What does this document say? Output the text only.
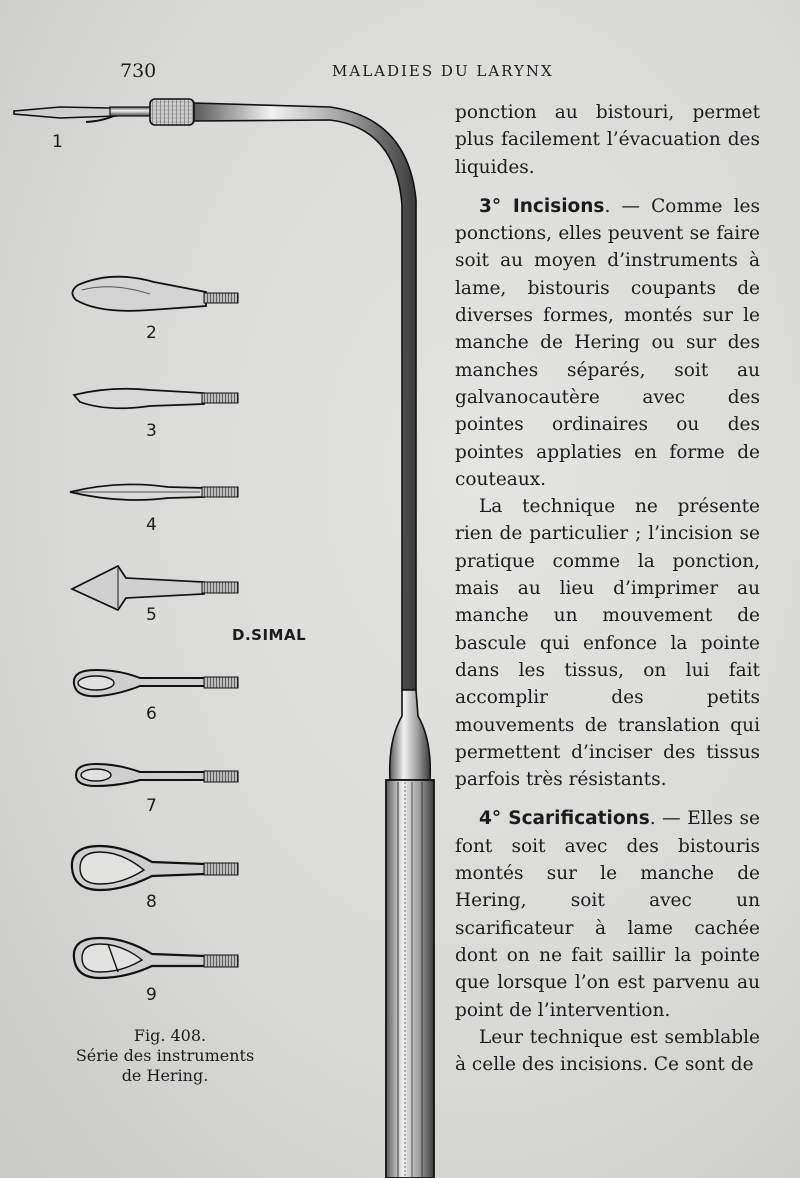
730	MALADIES DU LARYNX
1
2
3
4
5
6
7
8
9
D.SIMAL
Fig. 408.
Série des instruments
de Hering.

ponction au bistouri, permet plus facilement l’évacuation des liquides.

3° Incisions. — Comme les ponctions, elles peuvent se faire soit au moyen d’instruments à lame, bistouris coupants de diverses formes, montés sur le manche de Hering ou sur des manches séparés, soit au galvanocautère avec des pointes ordinaires ou des pointes applaties en forme de couteaux.

La technique ne présente rien de particulier ; l’incision se pratique comme la ponction, mais au lieu d’imprimer au manche un mouvement de bascule qui enfonce la pointe dans les tissus, on lui fait accomplir des petits mouvements de translation qui permettent d’inciser des tissus parfois très résistants.

4° Scarifications. — Elles se font soit avec des bistouris montés sur le manche de Hering, soit avec un scarificateur à lame cachée dont on ne fait saillir la pointe que lorsque l’on est parvenu au point de l’intervention.

Leur technique est semblable à celle des incisions. Ce sont de
